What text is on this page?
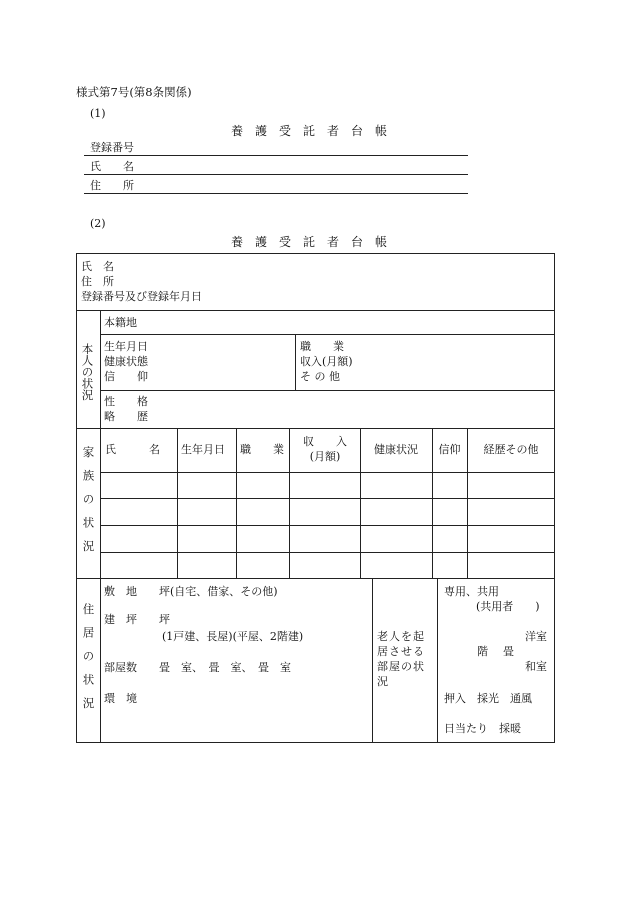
様式第7号(第8条関係)
(1)
養護受託者台帳
登録番号
氏　　名
住　　所
(2)
養護受託者台帳
氏　名
住　所
登録番号及び登録年月日
本人の状況
本籍地
生年月日
健康状態
信　　仰
職　　業
収入(月額)
そ の 他
性　　格
略　　歴
家族の状況 氏　　　名 生年月日 職　　業
収　　入
(月額)
健康状況	信仰	経歴その他
住居の状況
敷　地　　坪(自宅、借家、その他)
建　坪　　坪
(1戸建、長屋)(平屋、2階建)
部屋数　　畳　室、　畳　室、　畳　室
環　境
老人を起
居させる
部屋の状
況
専用、共用
(共用者　　)
洋室
階 畳
和室
押入　採光　通風
日当たり　採暖
